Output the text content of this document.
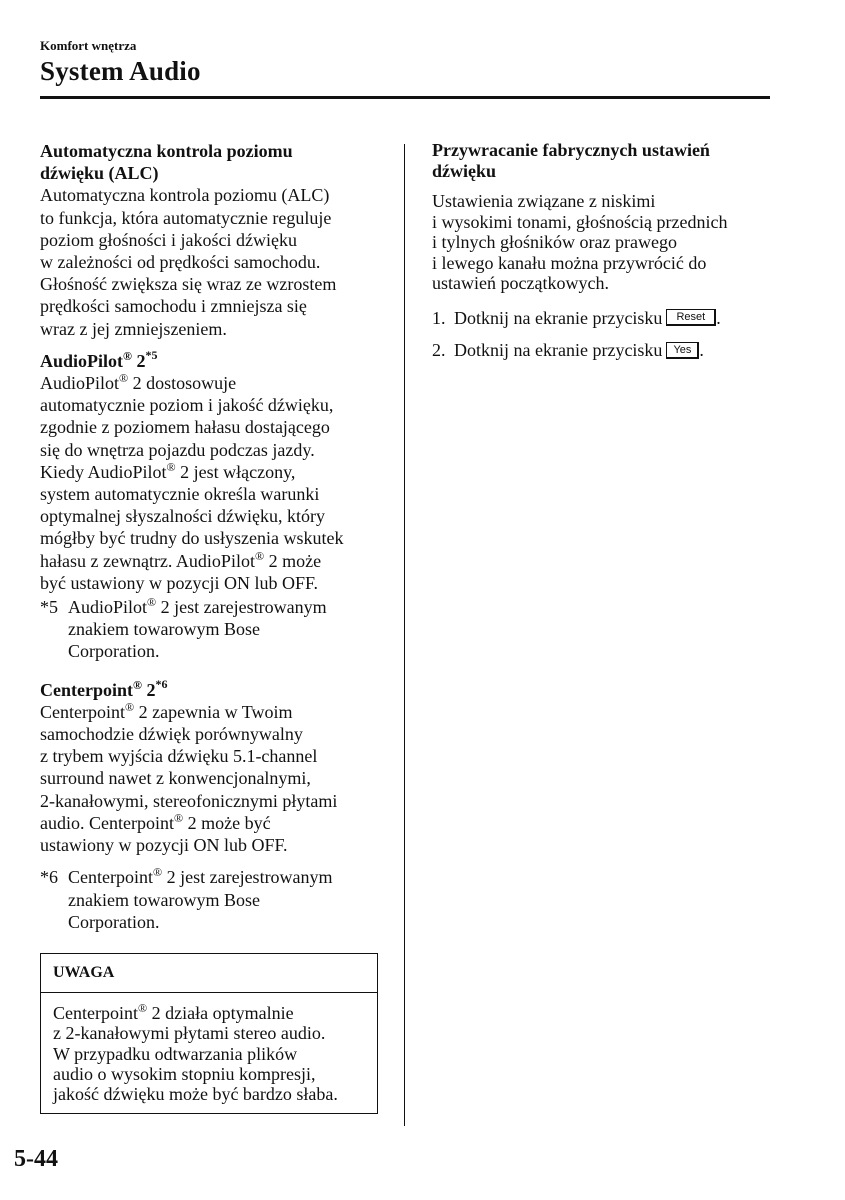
Komfort wnętrza
System Audio
Automatyczna kontrola poziomu
dźwięku (ALC)

Automatyczna kontrola poziomu (ALC)
to funkcja, która automatycznie reguluje
poziom głośności i jakości dźwięku
w zależności od prędkości samochodu.
Głośność zwiększa się wraz ze wzrostem
prędkości samochodu i zmniejsza się
wraz z jej zmniejszeniem.

AudioPilot® 2$^{*5}$

AudioPilot® 2 dostosowuje
automatycznie poziom i jakość dźwięku,
zgodnie z poziomem hałasu dostającego
się do wnętrza pojazdu podczas jazdy.
Kiedy AudioPilot® 2 jest włączony,
system automatycznie określa warunki
optymalnej słyszalności dźwięku, który
mógłby być trudny do usłyszenia wskutek
hałasu z zewnątrz. AudioPilot® 2 może
być ustawiony w pozycji ON lub OFF.

*5 AudioPilot® 2 jest zarejestrowanym
znakiem towarowym Bose
Corporation.
Centerpoint® 2$^{*6}$

Centerpoint® 2 zapewnia w Twoim
samochodzie dźwięk porównywalny
z trybem wyjścia dźwięku 5.1-channel
surround nawet z konwencjonalnymi,
2-kanałowymi, stereofonicznymi płytami
audio. Centerpoint® 2 może być
ustawiony w pozycji ON lub OFF.

*6 Centerpoint® 2 jest zarejestrowanym
znakiem towarowym Bose
Corporation.
UWAGA
Centerpoint® 2 działa optymalnie
z 2-kanałowymi płytami stereo audio.
W przypadku odtwarzania plików
audio o wysokim stopniu kompresji,
jakość dźwięku może być bardzo słaba.
Przywracanie fabrycznych ustawień
dźwięku

Ustawienia związane z niskimi
i wysokimi tonami, głośnością przednich
i tylnych głośników oraz prawego
i lewego kanału można przywrócić do
ustawień początkowych.

1. Dotknij na ekranie przycisku	Reset .
2. Dotknij na ekranie przycisku	Yes .
5-44
